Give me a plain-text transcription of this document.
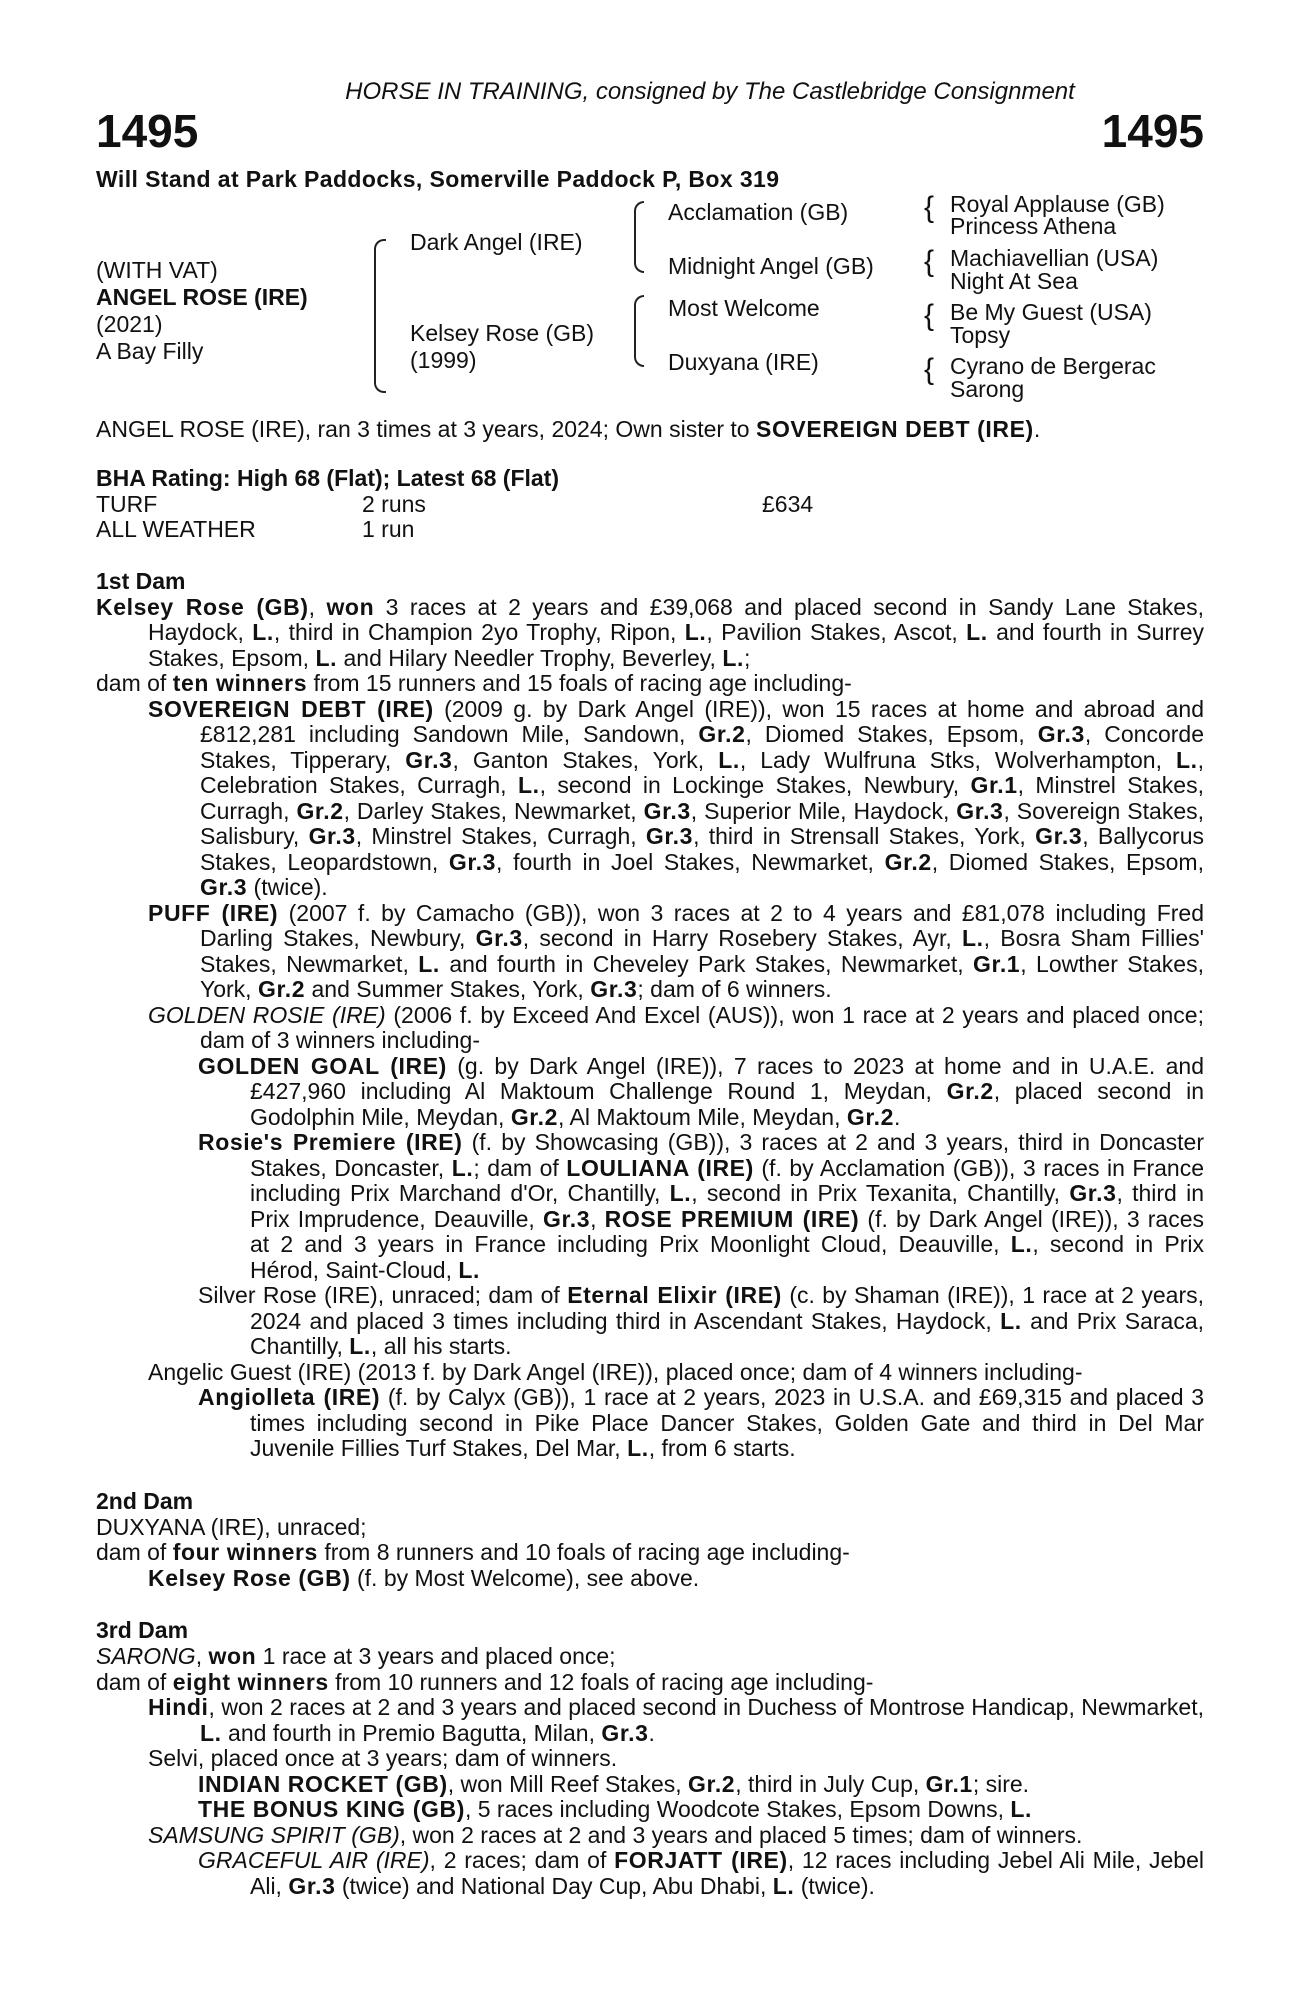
HORSE IN TRAINING, consigned by The Castlebridge Consignment
1495	1495
Will Stand at Park Paddocks, Somerville Paddock P, Box 319
(WITH VAT)
ANGEL ROSE (IRE)
(2021)
A Bay Filly
Dark Angel (IRE)
Kelsey Rose (GB)
(1999)
Acclamation (GB)
Midnight Angel (GB)
Most Welcome
Duxyana (IRE)
{ Royal Applause (GB)
Princess Athena
{ Machiavellian (USA)
Night At Sea
{ Be My Guest (USA)
Topsy
{ Cyrano de Bergerac
Sarong
ANGEL ROSE (IRE), ran 3 times at 3 years, 2024; Own sister to SOVEREIGN DEBT (IRE).
BHA Rating: High 68 (Flat); Latest 68 (Flat)
TURF	2 runs	£634
ALL WEATHER	1 run
1st Dam
Kelsey Rose (GB), won 3 races at 2 years and £39,068 and placed second in Sandy Lane Stakes, Haydock, L., third in Champion 2yo Trophy, Ripon, L., Pavilion Stakes, Ascot, L. and fourth in Surrey Stakes, Epsom, L. and Hilary Needler Trophy, Beverley, L.;
dam of ten winners from 15 runners and 15 foals of racing age including-
SOVEREIGN DEBT (IRE) (2009 g. by Dark Angel (IRE)), won 15 races at home and abroad and £812,281 including Sandown Mile, Sandown, Gr.2, Diomed Stakes, Epsom, Gr.3, Concorde Stakes, Tipperary, Gr.3, Ganton Stakes, York, L., Lady Wulfruna Stks, Wolverhampton, L., Celebration Stakes, Curragh, L., second in Lockinge Stakes, Newbury, Gr.1, Minstrel Stakes, Curragh, Gr.2, Darley Stakes, Newmarket, Gr.3, Superior Mile, Haydock, Gr.3, Sovereign Stakes, Salisbury, Gr.3, Minstrel Stakes, Curragh, Gr.3, third in Strensall Stakes, York, Gr.3, Ballycorus Stakes, Leopardstown, Gr.3, fourth in Joel Stakes, Newmarket, Gr.2, Diomed Stakes, Epsom, Gr.3 (twice).
PUFF (IRE) (2007 f. by Camacho (GB)), won 3 races at 2 to 4 years and £81,078 including Fred Darling Stakes, Newbury, Gr.3, second in Harry Rosebery Stakes, Ayr, L., Bosra Sham Fillies' Stakes, Newmarket, L. and fourth in Cheveley Park Stakes, Newmarket, Gr.1, Lowther Stakes, York, Gr.2 and Summer Stakes, York, Gr.3; dam of 6 winners.
GOLDEN ROSIE (IRE) (2006 f. by Exceed And Excel (AUS)), won 1 race at 2 years and placed once; dam of 3 winners including-
GOLDEN GOAL (IRE) (g. by Dark Angel (IRE)), 7 races to 2023 at home and in U.A.E. and £427,960 including Al Maktoum Challenge Round 1, Meydan, Gr.2, placed second in Godolphin Mile, Meydan, Gr.2, Al Maktoum Mile, Meydan, Gr.2.
Rosie's Premiere (IRE) (f. by Showcasing (GB)), 3 races at 2 and 3 years, third in Doncaster Stakes, Doncaster, L.; dam of LOULIANA (IRE) (f. by Acclamation (GB)), 3 races in France including Prix Marchand d'Or, Chantilly, L., second in Prix Texanita, Chantilly, Gr.3, third in Prix Imprudence, Deauville, Gr.3, ROSE PREMIUM (IRE) (f. by Dark Angel (IRE)), 3 races at 2 and 3 years in France including Prix Moonlight Cloud, Deauville, L., second in Prix Hérod, Saint-Cloud, L.
Silver Rose (IRE), unraced; dam of Eternal Elixir (IRE) (c. by Shaman (IRE)), 1 race at 2 years, 2024 and placed 3 times including third in Ascendant Stakes, Haydock, L. and Prix Saraca, Chantilly, L., all his starts.
Angelic Guest (IRE) (2013 f. by Dark Angel (IRE)), placed once; dam of 4 winners including-
Angiolleta (IRE) (f. by Calyx (GB)), 1 race at 2 years, 2023 in U.S.A. and £69,315 and placed 3 times including second in Pike Place Dancer Stakes, Golden Gate and third in Del Mar Juvenile Fillies Turf Stakes, Del Mar, L., from 6 starts.
2nd Dam
DUXYANA (IRE), unraced;
dam of four winners from 8 runners and 10 foals of racing age including-
Kelsey Rose (GB) (f. by Most Welcome), see above.
3rd Dam
SARONG, won 1 race at 3 years and placed once;
dam of eight winners from 10 runners and 12 foals of racing age including-
Hindi, won 2 races at 2 and 3 years and placed second in Duchess of Montrose Handicap, Newmarket, L. and fourth in Premio Bagutta, Milan, Gr.3.
Selvi, placed once at 3 years; dam of winners.
INDIAN ROCKET (GB), won Mill Reef Stakes, Gr.2, third in July Cup, Gr.1; sire.
THE BONUS KING (GB), 5 races including Woodcote Stakes, Epsom Downs, L.
SAMSUNG SPIRIT (GB), won 2 races at 2 and 3 years and placed 5 times; dam of winners.
GRACEFUL AIR (IRE), 2 races; dam of FORJATT (IRE), 12 races including Jebel Ali Mile, Jebel Ali, Gr.3 (twice) and National Day Cup, Abu Dhabi, L. (twice).
